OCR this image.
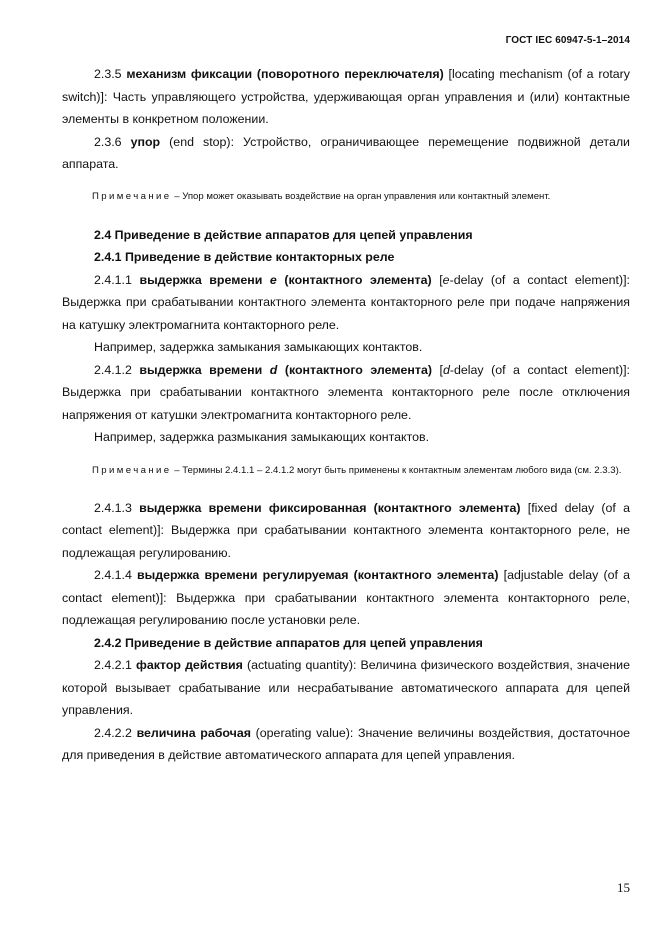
ГОСТ IEC 60947-5-1–2014

2.3.5 механизм фиксации (поворотного переключателя) [locating mechanism (of a rotary switch)]: Часть управляющего устройства, удерживающая орган управления и (или) контактные элементы в конкретном положении.

2.3.6 упор (end stop): Устройство, ограничивающее перемещение подвижной детали аппарата.

Примечание – Упор может оказывать воздействие на орган управления или контактный элемент.

2.4 Приведение в действие аппаратов для цепей управления

2.4.1 Приведение в действие контакторных реле

2.4.1.1 выдержка времени е (контактного элемента) [е-delay (of a contact element)]: Выдержка при срабатывании контактного элемента контакторного реле при подаче напряжения на катушку электромагнита контакторного реле.

Например, задержка замыкания замыкающих контактов.

2.4.1.2 выдержка времени d (контактного элемента) [d-delay (of a contact element)]: Выдержка при срабатывании контактного элемента контакторного реле после отключения напряжения от катушки электромагнита контакторного реле.

Например, задержка размыкания замыкающих контактов.

Примечание – Термины 2.4.1.1 – 2.4.1.2 могут быть применены к контактным элементам любого вида (см. 2.3.3).

2.4.1.3 выдержка времени фиксированная (контактного элемента) [fixed delay (of a contact element)]: Выдержка при срабатывании контактного элемента контакторного реле, не подлежащая регулированию.

2.4.1.4 выдержка времени регулируемая (контактного элемента) [adjustable delay (of a contact element)]: Выдержка при срабатывании контактного элемента контакторного реле, подлежащая регулированию после установки реле.

2.4.2 Приведение в действие аппаратов для цепей управления

2.4.2.1 фактор действия (actuating quantity): Величина физического воздействия, значение которой вызывает срабатывание или несрабатывание автоматического аппарата для цепей управления.

2.4.2.2 величина рабочая (operating value): Значение величины воздействия, достаточное для приведения в действие автоматического аппарата для цепей управления.

15
